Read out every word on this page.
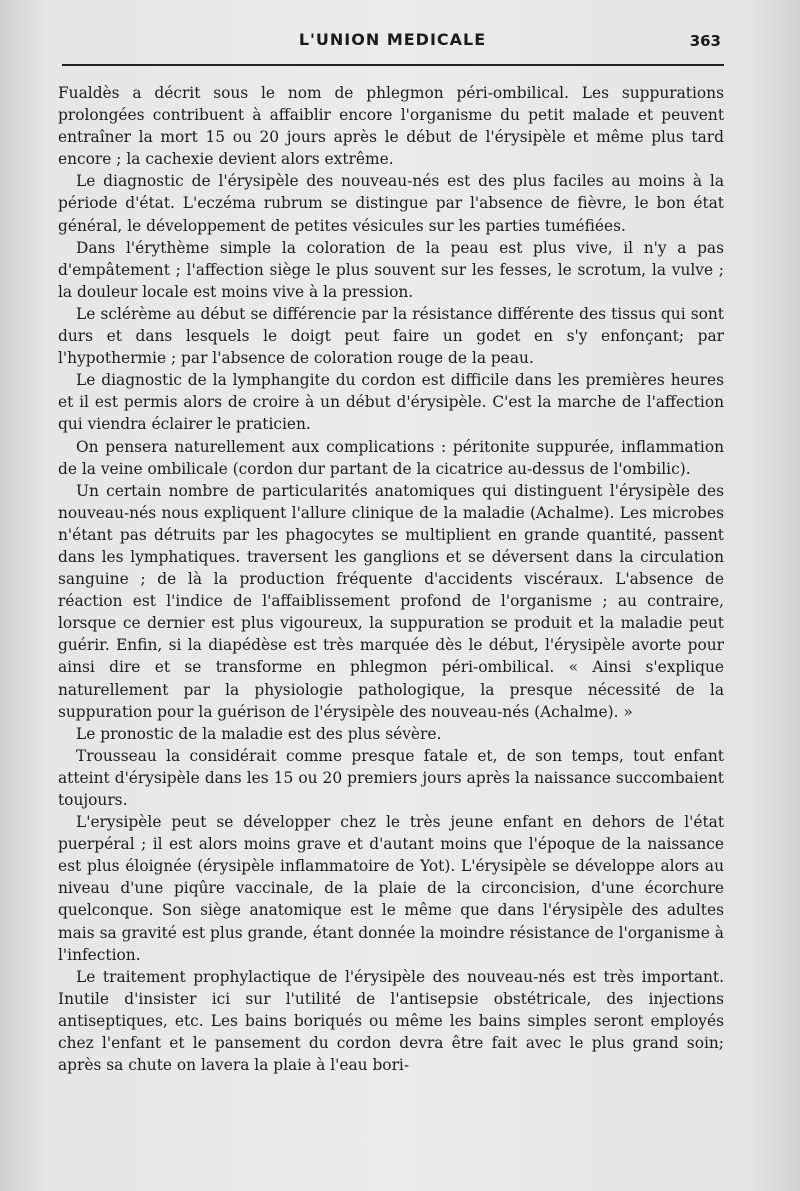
L'UNION MEDICALE	363

Fualdès a décrit sous le nom de phlegmon péri-ombilical. Les suppurations prolongées contribuent à affaiblir encore l'organisme du petit malade et peuvent entraîner la mort 15 ou 20 jours après le début de l'érysipèle et même plus tard encore ; la cachexie devient alors extrême.

Le diagnostic de l'érysipèle des nouveau-nés est des plus faciles au moins à la période d'état. L'eczéma rubrum se distingue par l'absence de fièvre, le bon état général, le développement de petites vésicules sur les parties tuméfiées.

Dans l'érythème simple la coloration de la peau est plus vive, il n'y a pas d'empâtement ; l'affection siège le plus souvent sur les fesses, le scrotum, la vulve ; la douleur locale est moins vive à la pression.

Le sclérème au début se différencie par la résistance différente des tissus qui sont durs et dans lesquels le doigt peut faire un godet en s'y enfonçant; par l'hypothermie ; par l'absence de coloration rouge de la peau.

Le diagnostic de la lymphangite du cordon est difficile dans les premières heures et il est permis alors de croire à un début d'érysipèle. C'est la marche de l'affection qui viendra éclairer le praticien.

On pensera naturellement aux complications : péritonite suppurée, inflammation de la veine ombilicale (cordon dur partant de la cicatrice au-dessus de l'ombilic).

Un certain nombre de particularités anatomiques qui distinguent l'érysipèle des nouveau-nés nous expliquent l'allure clinique de la maladie (Achalme). Les microbes n'étant pas détruits par les phagocytes se multiplient en grande quantité, passent dans les lymphatiques. traversent les ganglions et se déversent dans la circulation sanguine ; de là la production fréquente d'accidents viscéraux. L'absence de réaction est l'indice de l'affaiblissement profond de l'organisme ; au contraire, lorsque ce dernier est plus vigoureux, la suppuration se produit et la maladie peut guérir. Enfin, si la diapédèse est très marquée dès le début, l'érysipèle avorte pour ainsi dire et se transforme en phlegmon péri-ombilical. « Ainsi s'explique naturellement par la physiologie pathologique, la presque nécessité de la suppuration pour la guérison de l'érysipèle des nouveau-nés (Achalme). »

Le pronostic de la maladie est des plus sévère.

Trousseau la considérait comme presque fatale et, de son temps, tout enfant atteint d'érysipèle dans les 15 ou 20 premiers jours après la naissance succombaient toujours.

L'erysipèle peut se développer chez le très jeune enfant en dehors de l'état puerpéral ; il est alors moins grave et d'autant moins que l'époque de la naissance est plus éloignée (érysipèle inflammatoire de Yot). L'érysipèle se développe alors au niveau d'une piqûre vaccinale, de la plaie de la circoncision, d'une écorchure quelconque. Son siège anatomique est le même que dans l'érysipèle des adultes mais sa gravité est plus grande, étant donnée la moindre résistance de l'organisme à l'infection.

Le traitement prophylactique de l'érysipèle des nouveau-nés est très important. Inutile d'insister ici sur l'utilité de l'antisepsie obstétricale, des injections antiseptiques, etc. Les bains boriqués ou même les bains simples seront employés chez l'enfant et le pansement du cordon devra être fait avec le plus grand soin; après sa chute on lavera la plaie à l'eau bori-
